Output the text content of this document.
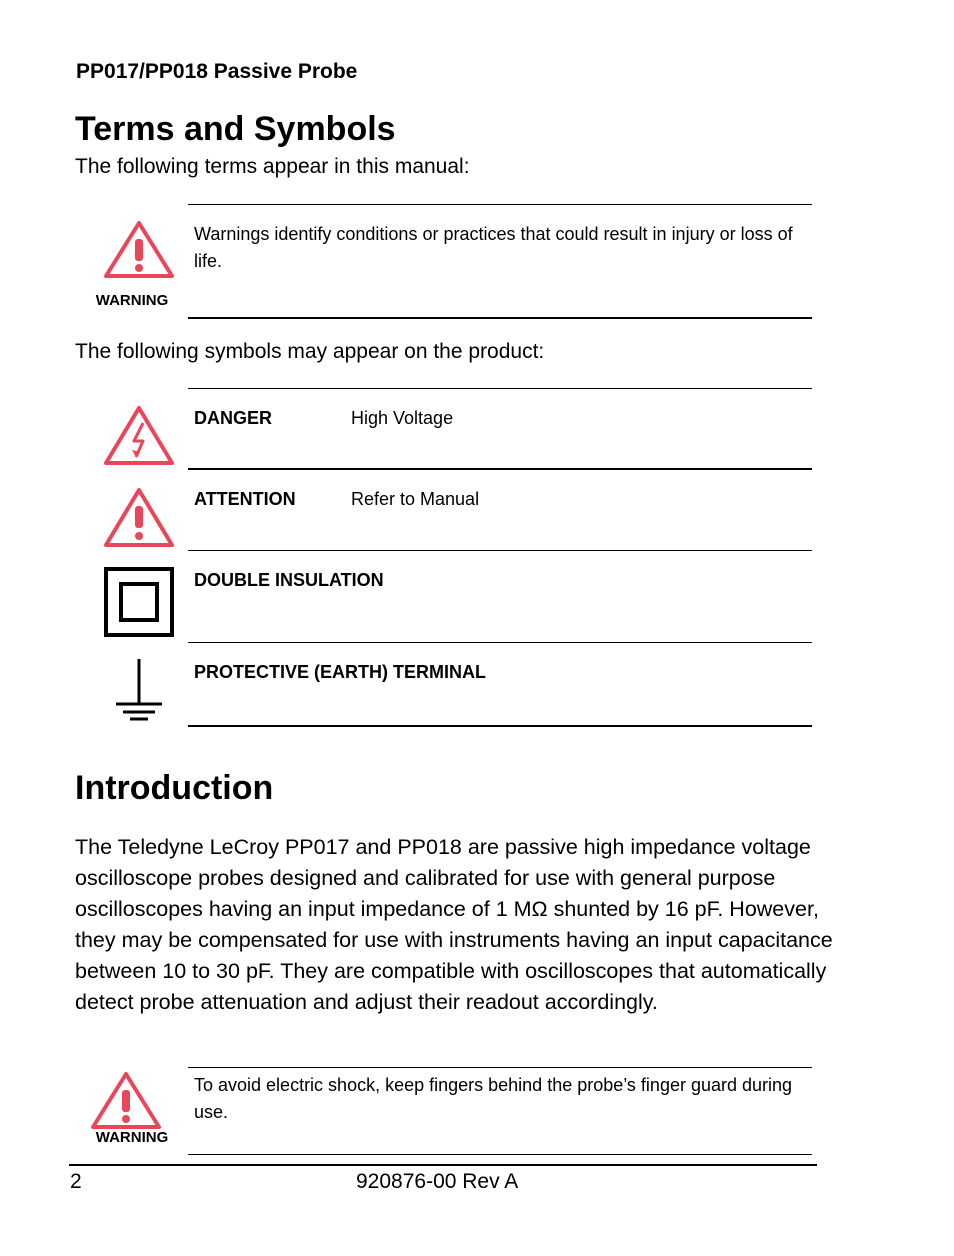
PP017/PP018 Passive Probe
Terms and Symbols
The following terms appear in this manual:
WARNING
Warnings identify conditions or practices that could result in injury or loss of life.
The following symbols may appear on the product:
DANGER	High Voltage
ATTENTION	Refer to Manual
DOUBLE INSULATION
PROTECTIVE (EARTH) TERMINAL
Introduction
The Teledyne LeCroy PP017 and PP018 are passive high impedance voltage oscilloscope probes designed and calibrated for use with general purpose oscilloscopes having an input impedance of 1 MΩ shunted by 16 pF. However, they may be compensated for use with instruments having an input capacitance between 10 to 30 pF. They are compatible with oscilloscopes that automatically detect probe attenuation and adjust their readout accordingly.
WARNING
To avoid electric shock, keep fingers behind the probe’s finger guard during use.
2	920876-00 Rev A
